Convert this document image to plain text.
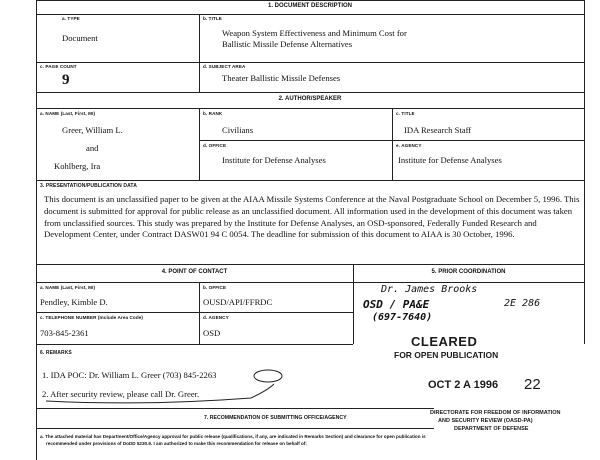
1. DOCUMENT DESCRIPTION
a. TYPE
Document
b. TITLE
Weapon System Effectiveness and Minimum Cost for
Ballistic Missile Defense Alternatives
c. PAGE COUNT
9
d. SUBJECT AREA
Theater Ballistic Missile Defenses
2. AUTHOR/SPEAKER
a. NAME (Last, First, MI)
Greer, William L.
and
Kohlberg, Ira
b. RANK
Civilians
c. TITLE
IDA Research Staff
d. OFFICE
Institute for Defense Analyses
e. AGENCY
Institute for Defense Analyses
3. PRESENTATION/PUBLICATION DATA
This document is an unclassified paper to be given at the AIAA Missile Systems Conference at the Naval Postgraduate School on December 5, 1996. This document is submitted for approval for public release as an unclassified document. All information used in the development of this document was taken from unclassified sources. This study was prepared by the Institute for Defense Analyses, an OSD-sponsored, Federally Funded Research and Development Center, under Contract DASW01 94 C 0054. The deadline for submission of this document to AIAA is 30 October, 1996.
4. POINT OF CONTACT	5. PRIOR COORDINATION
a. NAME (Last, First, MI)
Pendley, Kimble D.
b. OFFICE
OUSD/API/FFRDC
c. TELEPHONE NUMBER (Include Area Code)
703-845-2361
d. AGENCY
OSD
Dr. James Brooks
OSD / PA&E	2E 286
(697-7640)
6. REMARKS
1. IDA POC: Dr. William L. Greer (703) 845-2263
2. After security review, please call Dr. Greer.
CLEARED
FOR OPEN PUBLICATION
OCT 2 A 1996 22
DIRECTORATE FOR FREEDOM OF INFORMATION
AND SECURITY REVIEW (OASD-PA)
DEPARTMENT OF DEFENSE
7. RECOMMENDATION OF SUBMITTING OFFICE/AGENCY
a. The attached material has Department/Office/Agency approval for public release (qualifications, if any, are indicated in Remarks Section) and clearance for open publication is
recommended under provisions of DoDD 5230.9. I am authorized to make this recommendation for release on behalf of:
